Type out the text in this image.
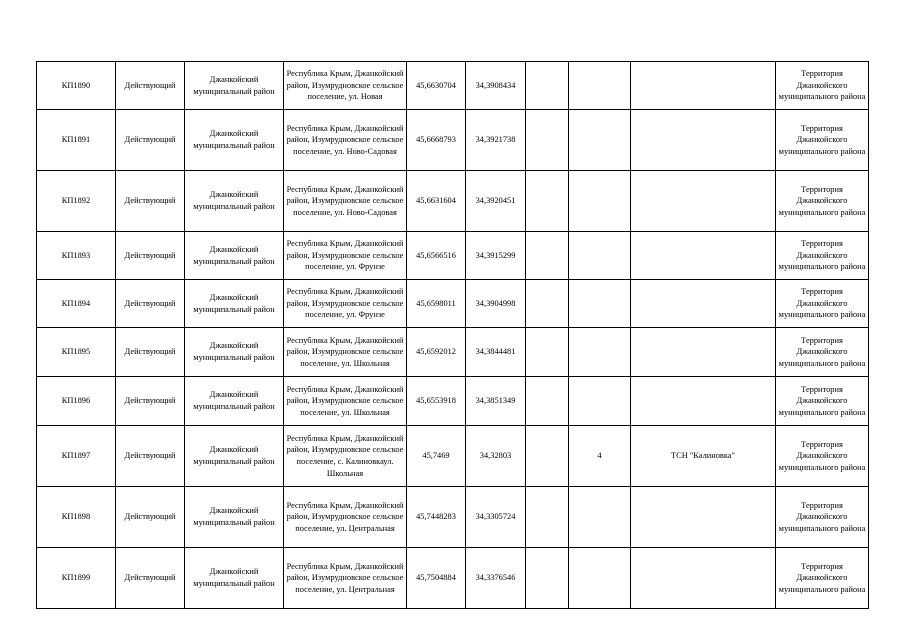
КП1890	Действующий	Джанкойский муниципальный район	Республика Крым, Джанкойский район, Изумрудновское сельское поселение, ул. Новая	45,6630704	34,3908434					Территория Джанкойского муниципального района
КП1891	Действующий	Джанкойский муниципальный район	Республика Крым, Джанкойский район, Изумрудновское сельское поселение, ул. Ново-Садовая	45,6668793	34,3921738					Территория Джанкойского муниципального района
КП1892	Действующий	Джанкойский муниципальный район	Республика Крым, Джанкойский район, Изумрудновское сельское поселение, ул. Ново-Садовая	45,6631604	34,3920451					Территория Джанкойского муниципального района
КП1893	Действующий	Джанкойский муниципальный район	Республика Крым, Джанкойский район, Изумрудновское сельское поселение, ул. Фрунзе	45,6566516	34,3915299					Территория Джанкойского муниципального района
КП1894	Действующий	Джанкойский муниципальный район	Республика Крым, Джанкойский район, Изумрудновское сельское поселение, ул. Фрунзе	45,6598011	34,3904998					Территория Джанкойского муниципального района
КП1895	Действующий	Джанкойский муниципальный район	Республика Крым, Джанкойский район, Изумрудновское сельское поселение, ул. Школьная	45,6592012	34,3844481					Территория Джанкойского муниципального района
КП1896	Действующий	Джанкойский муниципальный район	Республика Крым, Джанкойский район, Изумрудновское сельское поселение, ул. Школьная	45,6553918	34,3851349					Территория Джанкойского муниципального района
КП1897	Действующий	Джанкойский муниципальный район	Республика Крым, Джанкойский район, Изумрудновское сельское поселение, с. Калиновкаул. Школьная	45,7469	34,32803		4	ТСН "Калиновка"		Территория Джанкойского муниципального района
КП1898	Действующий	Джанкойский муниципальный район	Республика Крым, Джанкойский район, Изумрудновское сельское поселение, ул. Центральная	45,7448283	34,3305724					Территория Джанкойского муниципального района
КП1899	Действующий	Джанкойский муниципальный район	Республика Крым, Джанкойский район, Изумрудновское сельское поселение, ул. Центральная	45,7504884	34,3376546					Территория Джанкойского муниципального района
